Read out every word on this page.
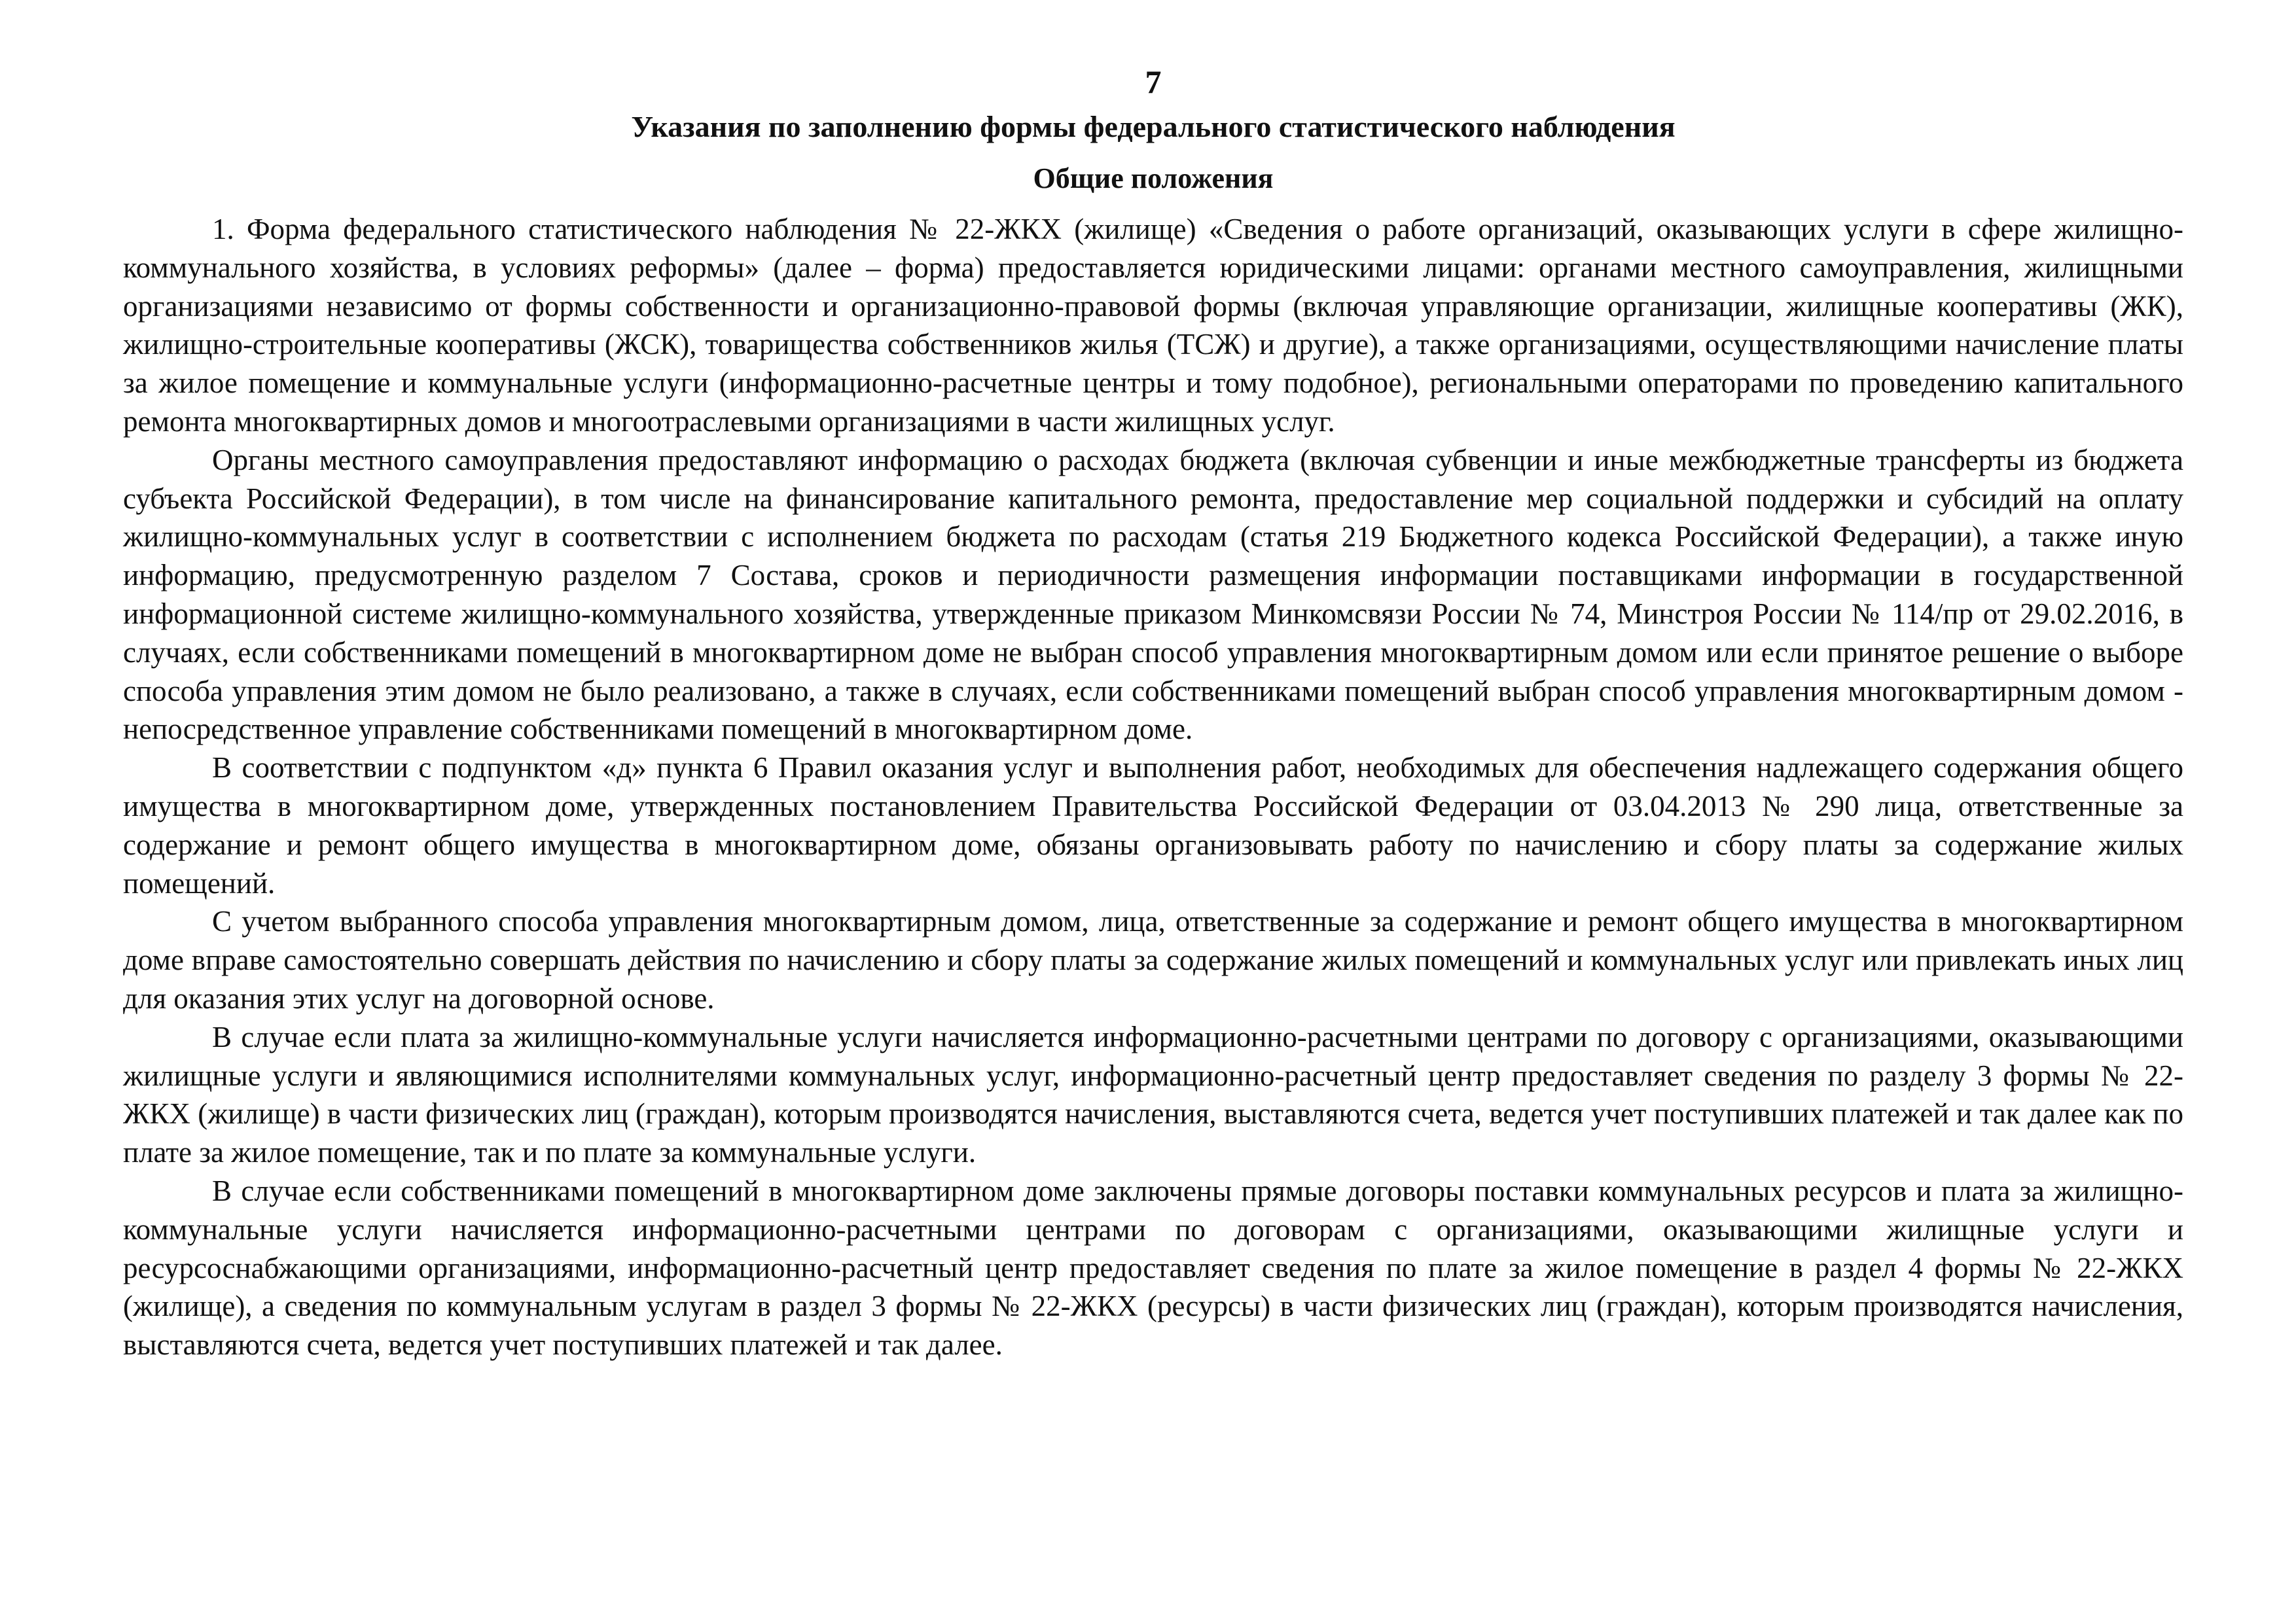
7
Указания по заполнению формы федерального статистического наблюдения
Общие положения

1. Форма федерального статистического наблюдения № 22-ЖКХ (жилище) «Сведения о работе организаций, оказывающих услуги в сфере жилищно-коммунального хозяйства, в условиях реформы» (далее – форма) предоставляется юридическими лицами: органами местного самоуправления, жилищными организациями независимо от формы собственности и организационно-правовой формы (включая управляющие организации, жилищные кооперативы (ЖК), жилищно-строительные кооперативы (ЖСК), товарищества собственников жилья (ТСЖ) и другие), а также организациями, осуществляющими начисление платы за жилое помещение и коммунальные услуги (информационно-расчетные центры и тому подобное), региональными операторами по проведению капитального ремонта многоквартирных домов и многоотраслевыми организациями в части жилищных услуг.

Органы местного самоуправления предоставляют информацию о расходах бюджета (включая субвенции и иные межбюджетные трансферты из бюджета субъекта Российской Федерации), в том числе на финансирование капитального ремонта, предоставление мер социальной поддержки и субсидий на оплату жилищно-коммунальных услуг в соответствии с исполнением бюджета по расходам (статья 219 Бюджетного кодекса Российской Федерации), а также иную информацию, предусмотренную разделом 7 Состава, сроков и периодичности размещения информации поставщиками информации в государственной информационной системе жилищно-коммунального хозяйства, утвержденные приказом Минкомсвязи России № 74, Минстроя России № 114/пр от 29.02.2016, в случаях, если собственниками помещений в многоквартирном доме не выбран способ управления многоквартирным домом или если принятое решение о выборе способа управления этим домом не было реализовано, а также в случаях, если собственниками помещений выбран способ управления многоквартирным домом - непосредственное управление собственниками помещений в многоквартирном доме.

В соответствии с подпунктом «д» пункта 6 Правил оказания услуг и выполнения работ, необходимых для обеспечения надлежащего содержания общего имущества в многоквартирном доме, утвержденных постановлением Правительства Российской Федерации от 03.04.2013 № 290 лица, ответственные за содержание и ремонт общего имущества в многоквартирном доме, обязаны организовывать работу по начислению и сбору платы за содержание жилых помещений.

С учетом выбранного способа управления многоквартирным домом, лица, ответственные за содержание и ремонт общего имущества в многоквартирном доме вправе самостоятельно совершать действия по начислению и сбору платы за содержание жилых помещений и коммунальных услуг или привлекать иных лиц для оказания этих услуг на договорной основе.

В случае если плата за жилищно-коммунальные услуги начисляется информационно-расчетными центрами по договору с организациями, оказывающими жилищные услуги и являющимися исполнителями коммунальных услуг, информационно-расчетный центр предоставляет сведения по разделу 3 формы № 22-ЖКХ (жилище) в части физических лиц (граждан), которым производятся начисления, выставляются счета, ведется учет поступивших платежей и так далее как по плате за жилое помещение, так и по плате за коммунальные услуги.

В случае если собственниками помещений в многоквартирном доме заключены прямые договоры поставки коммунальных ресурсов и плата за жилищно-коммунальные услуги начисляется информационно-расчетными центрами по договорам с организациями, оказывающими жилищные услуги и ресурсоснабжающими организациями, информационно-расчетный центр предоставляет сведения по плате за жилое помещение в раздел 4 формы № 22-ЖКХ (жилище), а сведения по коммунальным услугам в раздел 3 формы № 22-ЖКХ (ресурсы) в части физических лиц (граждан), которым производятся начисления, выставляются счета, ведется учет поступивших платежей и так далее.
